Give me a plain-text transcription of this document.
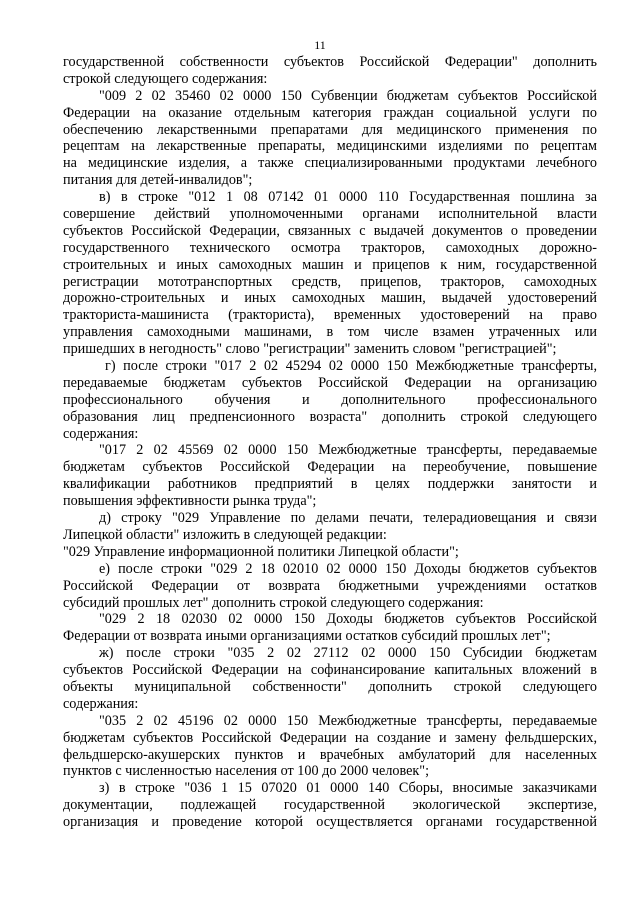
11
государственной собственности субъектов Российской Федерации" дополнить
строкой следующего содержания:
"009 2 02 35460 02 0000 150 Субвенции бюджетам субъектов Российской
Федерации на оказание отдельным категория граждан социальной услуги по
обеспечению лекарственными препаратами для медицинского применения по
рецептам на лекарственные препараты, медицинскими изделиями по рецептам
на медицинские изделия, а также специализированными продуктами лечебного
питания для детей-инвалидов";
в) в строке "012 1 08 07142 01 0000 110 Государственная пошлина за
совершение действий уполномоченными органами исполнительной власти
субъектов Российской Федерации, связанных с выдачей документов о проведении
государственного технического осмотра тракторов, самоходных дорожно-
строительных и иных самоходных машин и прицепов к ним, государственной
регистрации мототранспортных средств, прицепов, тракторов, самоходных
дорожно-строительных и иных самоходных машин, выдачей удостоверений
тракториста-машиниста (тракториста), временных удостоверений на право
управления самоходными машинами, в том числе взамен утраченных или
пришедших в негодность" слово "регистрации" заменить словом "регистрацией";
г) после строки "017 2 02 45294 02 0000 150 Межбюджетные трансферты,
передаваемые бюджетам субъектов Российской Федерации на организацию
профессионального обучения и дополнительного профессионального
образования лиц предпенсионного возраста" дополнить строкой следующего
содержания:
"017 2 02 45569 02 0000 150 Межбюджетные трансферты, передаваемые
бюджетам субъектов Российской Федерации на переобучение, повышение
квалификации работников предприятий в целях поддержки занятости и
повышения эффективности рынка труда";
д) строку "029 Управление по делами печати, телерадиовещания и связи
Липецкой области" изложить в следующей редакции:
"029 Управление информационной политики Липецкой области";
е) после строки "029 2 18 02010 02 0000 150 Доходы бюджетов субъектов
Российской Федерации от возврата бюджетными учреждениями остатков
субсидий прошлых лет" дополнить строкой следующего содержания:
"029 2 18 02030 02 0000 150 Доходы бюджетов субъектов Российской
Федерации от возврата иными организациями остатков субсидий прошлых лет";
ж) после строки "035 2 02 27112 02 0000 150 Субсидии бюджетам
субъектов Российской Федерации на софинансирование капитальных вложений в
объекты муниципальной собственности" дополнить строкой следующего
содержания:
"035 2 02 45196 02 0000 150 Межбюджетные трансферты, передаваемые
бюджетам субъектов Российской Федерации на создание и замену фельдшерских,
фельдшерско-акушерских пунктов и врачебных амбулаторий для населенных
пунктов с численностью населения от 100 до 2000 человек";
з) в строке "036 1 15 07020 01 0000 140 Сборы, вносимые заказчиками
документации, подлежащей государственной экологической экспертизе,
организация и проведение которой осуществляется органами государственной
